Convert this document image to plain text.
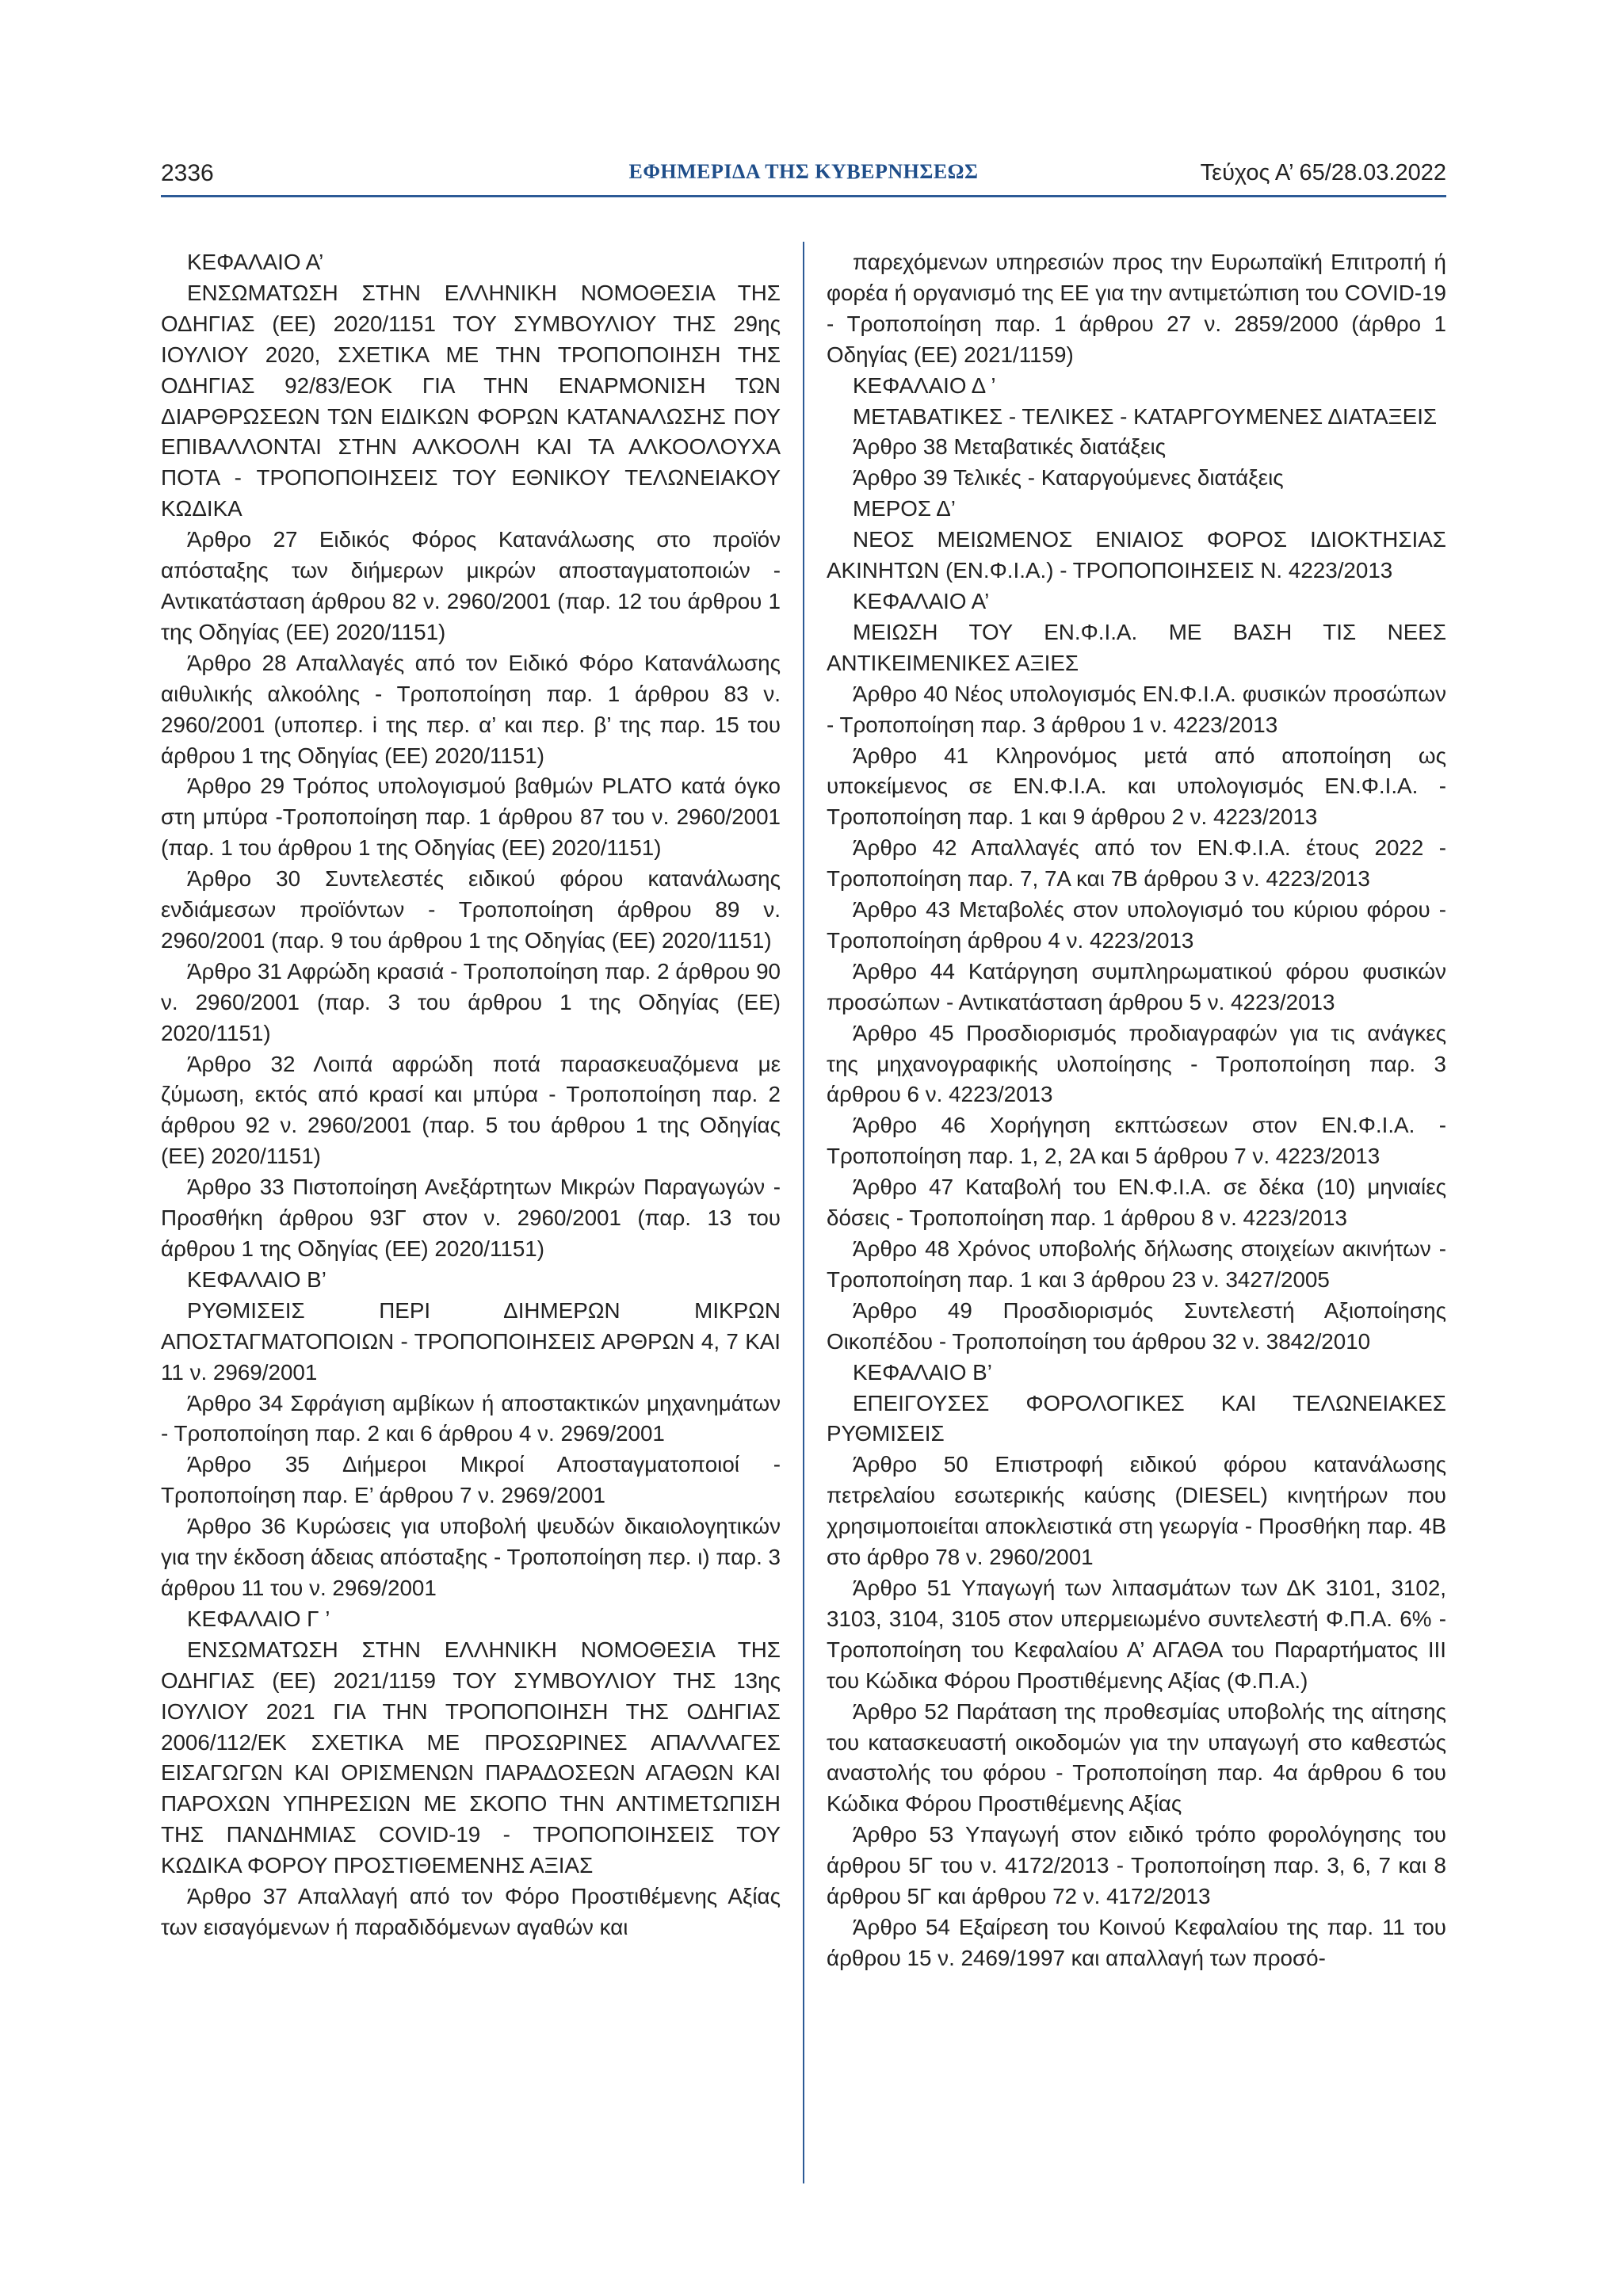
2336	ΕΦΗΜΕΡΙΔΑ ΤΗΣ ΚΥΒΕΡΝΗΣΕΩΣ	Τεύχος Α’ 65/28.03.2022

ΚΕΦΑΛΑΙΟ Α’

ΕΝΣΩΜΑΤΩΣΗ ΣΤΗΝ ΕΛΛΗΝΙΚΗ ΝΟΜΟΘΕΣΙΑ ΤΗΣ ΟΔΗΓΙΑΣ (ΕΕ) 2020/1151 ΤΟΥ ΣΥΜΒΟΥΛΙΟΥ ΤΗΣ 29ης ΙΟΥΛΙΟΥ 2020, ΣΧΕΤΙΚΑ ΜΕ ΤΗΝ ΤΡΟΠΟΠΟΙΗΣΗ ΤΗΣ ΟΔΗΓΙΑΣ 92/83/ΕΟΚ ΓΙΑ ΤΗΝ ΕΝΑΡΜΟΝΙΣΗ ΤΩΝ ΔΙΑΡΘΡΩΣΕΩΝ ΤΩΝ ΕΙΔΙΚΩΝ ΦΟΡΩΝ ΚΑΤΑΝΑΛΩΣΗΣ ΠΟΥ ΕΠΙΒΑΛΛΟΝΤΑΙ ΣΤΗΝ ΑΛΚΟΟΛΗ ΚΑΙ ΤΑ ΑΛΚΟΟΛΟΥΧΑ ΠΟΤΑ - ΤΡΟΠΟΠΟΙΗΣΕΙΣ ΤΟΥ ΕΘΝΙΚΟΥ ΤΕΛΩΝΕΙΑΚΟΥ ΚΩΔΙΚΑ

Άρθρο 27 Ειδικός Φόρος Κατανάλωσης στο προϊόν απόσταξης των διήμερων μικρών αποσταγματοποιών - Αντικατάσταση άρθρου 82 ν. 2960/2001 (παρ. 12 του άρθρου 1 της Οδηγίας (ΕΕ) 2020/1151)

Άρθρο 28 Απαλλαγές από τον Ειδικό Φόρο Κατανάλωσης αιθυλικής αλκοόλης - Τροποποίηση παρ. 1 άρθρου 83 ν. 2960/2001 (υποπερ. i της περ. α’ και περ. β’ της παρ. 15 του άρθρου 1 της Οδηγίας (ΕΕ) 2020/1151)

Άρθρο 29 Τρόπος υπολογισμού βαθμών PLATO κατά όγκο στη μπύρα -Τροποποίηση παρ. 1 άρθρου 87 του ν. 2960/2001 (παρ. 1 του άρθρου 1 της Οδηγίας (ΕΕ) 2020/1151)

Άρθρο 30 Συντελεστές ειδικού φόρου κατανάλωσης ενδιάμεσων προϊόντων - Τροποποίηση άρθρου 89 ν. 2960/2001 (παρ. 9 του άρθρου 1 της Οδηγίας (ΕΕ) 2020/1151)

Άρθρο 31 Αφρώδη κρασιά - Τροποποίηση παρ. 2 άρθρου 90 ν. 2960/2001 (παρ. 3 του άρθρου 1 της Οδηγίας (ΕΕ) 2020/1151)

Άρθρο 32 Λοιπά αφρώδη ποτά παρασκευαζόμενα με ζύμωση, εκτός από κρασί και μπύρα - Τροποποίηση παρ. 2 άρθρου 92 ν. 2960/2001 (παρ. 5 του άρθρου 1 της Οδηγίας (ΕΕ) 2020/1151)

Άρθρο 33 Πιστοποίηση Ανεξάρτητων Μικρών Παραγωγών - Προσθήκη άρθρου 93Γ στον ν. 2960/2001 (παρ. 13 του άρθρου 1 της Οδηγίας (ΕΕ) 2020/1151)

ΚΕΦΑΛΑΙΟ Β’

ΡΥΘΜΙΣΕΙΣ ΠΕΡΙ ΔΙΗΜΕΡΩΝ ΜΙΚΡΩΝ ΑΠΟΣΤΑΓΜΑΤΟΠΟΙΩΝ - ΤΡΟΠΟΠΟΙΗΣΕΙΣ ΑΡΘΡΩΝ 4, 7 ΚΑΙ 11 ν. 2969/2001

Άρθρο 34 Σφράγιση αμβίκων ή αποστακτικών μηχανημάτων - Τροποποίηση παρ. 2 και 6 άρθρου 4 ν. 2969/2001

Άρθρο 35 Διήμεροι Μικροί Αποσταγματοποιοί - Τροποποίηση παρ. Ε’ άρθρου 7 ν. 2969/2001

Άρθρο 36 Κυρώσεις για υποβολή ψευδών δικαιολογητικών για την έκδοση άδειας απόσταξης - Τροποποίηση περ. ι) παρ. 3 άρθρου 11 του ν. 2969/2001

ΚΕΦΑΛΑΙΟ Γ ’

ΕΝΣΩΜΑΤΩΣΗ ΣΤΗΝ ΕΛΛΗΝΙΚΗ ΝΟΜΟΘΕΣΙΑ ΤΗΣ ΟΔΗΓΙΑΣ (ΕΕ) 2021/1159 ΤΟΥ ΣΥΜΒΟΥΛΙΟΥ ΤΗΣ 13ης ΙΟΥΛΙΟΥ 2021 ΓΙΑ ΤΗΝ ΤΡΟΠΟΠΟΙΗΣΗ ΤΗΣ ΟΔΗΓΙΑΣ 2006/112/ΕΚ ΣΧΕΤΙΚΑ ΜΕ ΠΡΟΣΩΡΙΝΕΣ ΑΠΑΛΛΑΓΕΣ ΕΙΣΑΓΩΓΩΝ ΚΑΙ ΟΡΙΣΜΕΝΩΝ ΠΑΡΑΔΟΣΕΩΝ ΑΓΑΘΩΝ ΚΑΙ ΠΑΡΟΧΩΝ ΥΠΗΡΕΣΙΩΝ ΜΕ ΣΚΟΠΟ ΤΗΝ ΑΝΤΙΜΕΤΩΠΙΣΗ ΤΗΣ ΠΑΝΔΗΜΙΑΣ COVID-19 - ΤΡΟΠΟΠΟΙΗΣΕΙΣ ΤΟΥ ΚΩΔΙΚΑ ΦΟΡΟΥ ΠΡΟΣΤΙΘΕΜΕΝΗΣ ΑΞΙΑΣ

Άρθρο 37 Απαλλαγή από τον Φόρο Προστιθέμενης Αξίας των εισαγόμενων ή παραδιδόμενων αγαθών και

παρεχόμενων υπηρεσιών προς την Ευρωπαϊκή Επιτροπή ή φορέα ή οργανισμό της ΕΕ για την αντιμετώπιση του COVID-19 - Τροποποίηση παρ. 1 άρθρου 27 ν. 2859/2000 (άρθρο 1 Οδηγίας (ΕΕ) 2021/1159)

ΚΕΦΑΛΑΙΟ Δ ’

ΜΕΤΑΒΑΤΙΚΕΣ - ΤΕΛΙΚΕΣ - ΚΑΤΑΡΓΟΥΜΕΝΕΣ ΔΙΑΤΑΞΕΙΣ

Άρθρο 38 Μεταβατικές διατάξεις

Άρθρο 39 Τελικές - Καταργούμενες διατάξεις

ΜΕΡΟΣ Δ’

ΝΕΟΣ ΜΕΙΩΜΕΝΟΣ ΕΝΙΑΙΟΣ ΦΟΡΟΣ ΙΔΙΟΚΤΗΣΙΑΣ ΑΚΙΝΗΤΩΝ (ΕΝ.Φ.Ι.Α.) - ΤΡΟΠΟΠΟΙΗΣΕΙΣ Ν. 4223/2013

ΚΕΦΑΛΑΙΟ Α’

ΜΕΙΩΣΗ ΤΟΥ ΕΝ.Φ.Ι.Α. ΜΕ ΒΑΣΗ ΤΙΣ ΝΕΕΣ ΑΝΤΙΚΕΙΜΕΝΙΚΕΣ ΑΞΙΕΣ

Άρθρο 40 Νέος υπολογισμός ΕΝ.Φ.Ι.Α. φυσικών προσώπων - Τροποποίηση παρ. 3 άρθρου 1 ν. 4223/2013

Άρθρο 41 Κληρονόμος μετά από αποποίηση ως υποκείμενος σε ΕΝ.Φ.Ι.Α. και υπολογισμός ΕΝ.Φ.Ι.Α. - Τροποποίηση παρ. 1 και 9 άρθρου 2 ν. 4223/2013

Άρθρο 42 Απαλλαγές από τον ΕΝ.Φ.Ι.Α. έτους 2022 - Τροποποίηση παρ. 7, 7Α και 7Β άρθρου 3 ν. 4223/2013

Άρθρο 43 Μεταβολές στον υπολογισμό του κύριου φόρου - Τροποποίηση άρθρου 4 ν. 4223/2013

Άρθρο 44 Κατάργηση συμπληρωματικού φόρου φυσικών προσώπων - Αντικατάσταση άρθρου 5 ν. 4223/2013

Άρθρο 45 Προσδιορισμός προδιαγραφών για τις ανάγκες της μηχανογραφικής υλοποίησης - Τροποποίηση παρ. 3 άρθρου 6 ν. 4223/2013

Άρθρο 46 Χορήγηση εκπτώσεων στον ΕΝ.Φ.Ι.Α. - Τροποποίηση παρ. 1, 2, 2Α και 5 άρθρου 7 ν. 4223/2013

Άρθρο 47 Καταβολή του ΕΝ.Φ.Ι.Α. σε δέκα (10) μηνιαίες δόσεις - Τροποποίηση παρ. 1 άρθρου 8 ν. 4223/2013

Άρθρο 48 Χρόνος υποβολής δήλωσης στοιχείων ακινήτων - Τροποποίηση παρ. 1 και 3 άρθρου 23 ν. 3427/2005

Άρθρο 49 Προσδιορισμός Συντελεστή Αξιοποίησης Οικοπέδου - Τροποποίηση του άρθρου 32 ν. 3842/2010

ΚΕΦΑΛΑΙΟ Β’

ΕΠΕΙΓΟΥΣΕΣ ΦΟΡΟΛΟΓΙΚΕΣ ΚΑΙ ΤΕΛΩΝΕΙΑΚΕΣ ΡΥΘΜΙΣΕΙΣ

Άρθρο 50 Επιστροφή ειδικού φόρου κατανάλωσης πετρελαίου εσωτερικής καύσης (DIESEL) κινητήρων που χρησιμοποιείται αποκλειστικά στη γεωργία - Προσθήκη παρ. 4Β στο άρθρο 78 ν. 2960/2001

Άρθρο 51 Υπαγωγή των λιπασμάτων των ΔΚ 3101, 3102, 3103, 3104, 3105 στον υπερμειωμένο συντελεστή Φ.Π.Α. 6% - Τροποποίηση του Κεφαλαίου Α’ ΑΓΑΘΑ του Παραρτήματος ΙΙΙ του Κώδικα Φόρου Προστιθέμενης Αξίας (Φ.Π.Α.)

Άρθρο 52 Παράταση της προθεσμίας υποβολής της αίτησης του κατασκευαστή οικοδομών για την υπαγωγή στο καθεστώς αναστολής του φόρου - Τροποποίηση παρ. 4α άρθρου 6 του Κώδικα Φόρου Προστιθέμενης Αξίας

Άρθρο 53 Υπαγωγή στον ειδικό τρόπο φορολόγησης του άρθρου 5Γ του ν. 4172/2013 - Τροποποίηση παρ. 3, 6, 7 και 8 άρθρου 5Γ και άρθρου 72 ν. 4172/2013

Άρθρο 54 Εξαίρεση του Κοινού Κεφαλαίου της παρ. 11 του άρθρου 15 ν. 2469/1997 και απαλλαγή των προσό-
